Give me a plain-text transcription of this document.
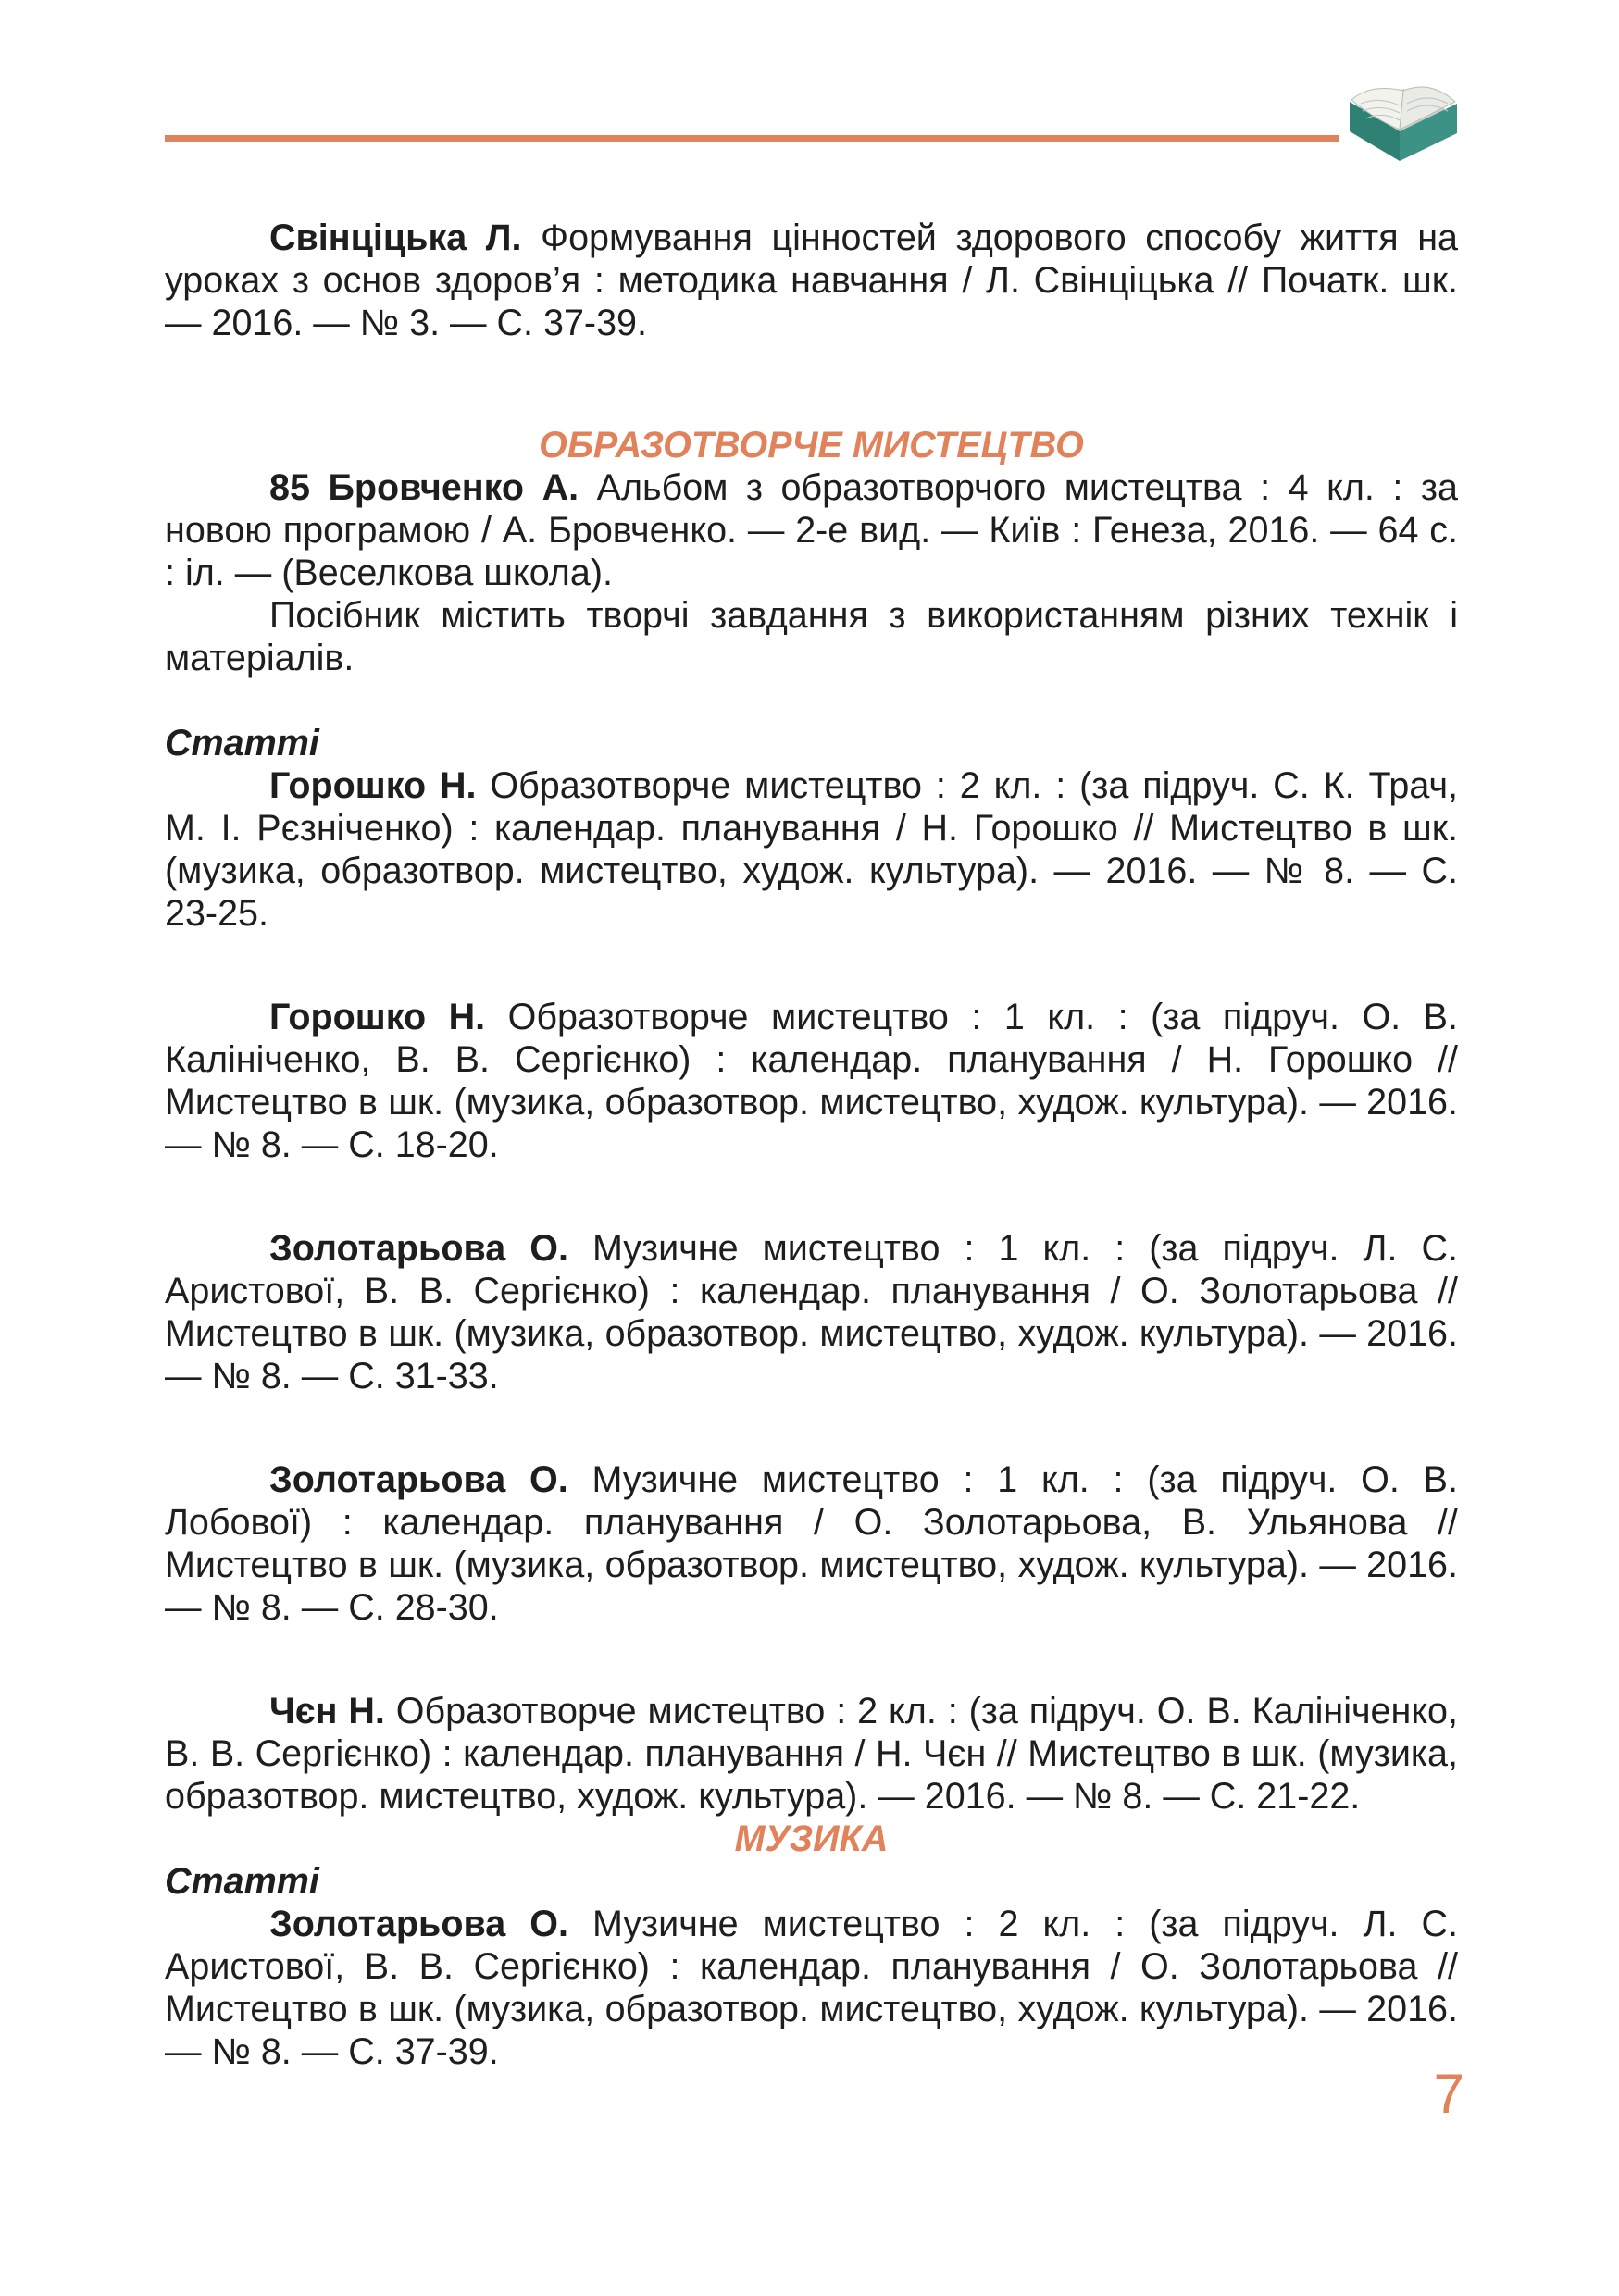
Свінціцька Л. Формування цінностей здорового способу життя на уроках з основ здоров’я : методика навчання / Л. Свінціцька // Початк. шк. — 2016. — № 3. — С. 37-39.

ОБРАЗОТВОРЧЕ МИСТЕЦТВО

85 Бровченко А. Альбом з образотворчого мистецтва : 4 кл. : за новою програмою / А. Бровченко. — 2-е вид. — Київ : Генеза, 2016. — 64 с. : іл. — (Веселкова школа).

Посібник містить творчі завдання з використанням різних технік і матеріалів.

Статті

Горошко Н. Образотворче мистецтво : 2 кл. : (за підруч. С. К. Трач, М. І. Рєзніченко) : календар. планування / Н. Горошко // Мистецтво в шк. (музика, образотвор. мистецтво, худож. культура). — 2016. — № 8. — С. 23-25.

Горошко Н. Образотворче мистецтво : 1 кл. : (за підруч. О. В. Калініченко, В. В. Сергієнко) : календар. планування / Н. Горошко // Мистецтво в шк. (музика, образотвор. мистецтво, худож. культура). — 2016. — № 8. — С. 18-20.

Золотарьова О. Музичне мистецтво : 1 кл. : (за підруч. Л. С. Аристової, В. В. Сергієнко) : календар. планування / О. Золотарьова // Мистецтво в шк. (музика, образотвор. мистецтво, худож. культура). — 2016. — № 8. — С. 31-33.

Золотарьова О. Музичне мистецтво : 1 кл. : (за підруч. О. В. Лобової) : календар. планування / О. Золотарьова, В. Ульянова // Мистецтво в шк. (музика, образотвор. мистецтво, худож. культура). — 2016. — № 8. — С. 28-30.

Чєн Н. Образотворче мистецтво : 2 кл. : (за підруч. О. В. Калініченко, В. В. Сергієнко) : календар. планування / Н. Чєн // Мистецтво в шк. (музика, образотвор. мистецтво, худож. культура). — 2016. — № 8. — С. 21-22.

МУЗИКА

Статті

Золотарьова О. Музичне мистецтво : 2 кл. : (за підруч. Л. С. Аристової, В. В. Сергієнко) : календар. планування / О. Золотарьова // Мистецтво в шк. (музика, образотвор. мистецтво, худож. культура). — 2016. — № 8. — С. 37-39.

7
